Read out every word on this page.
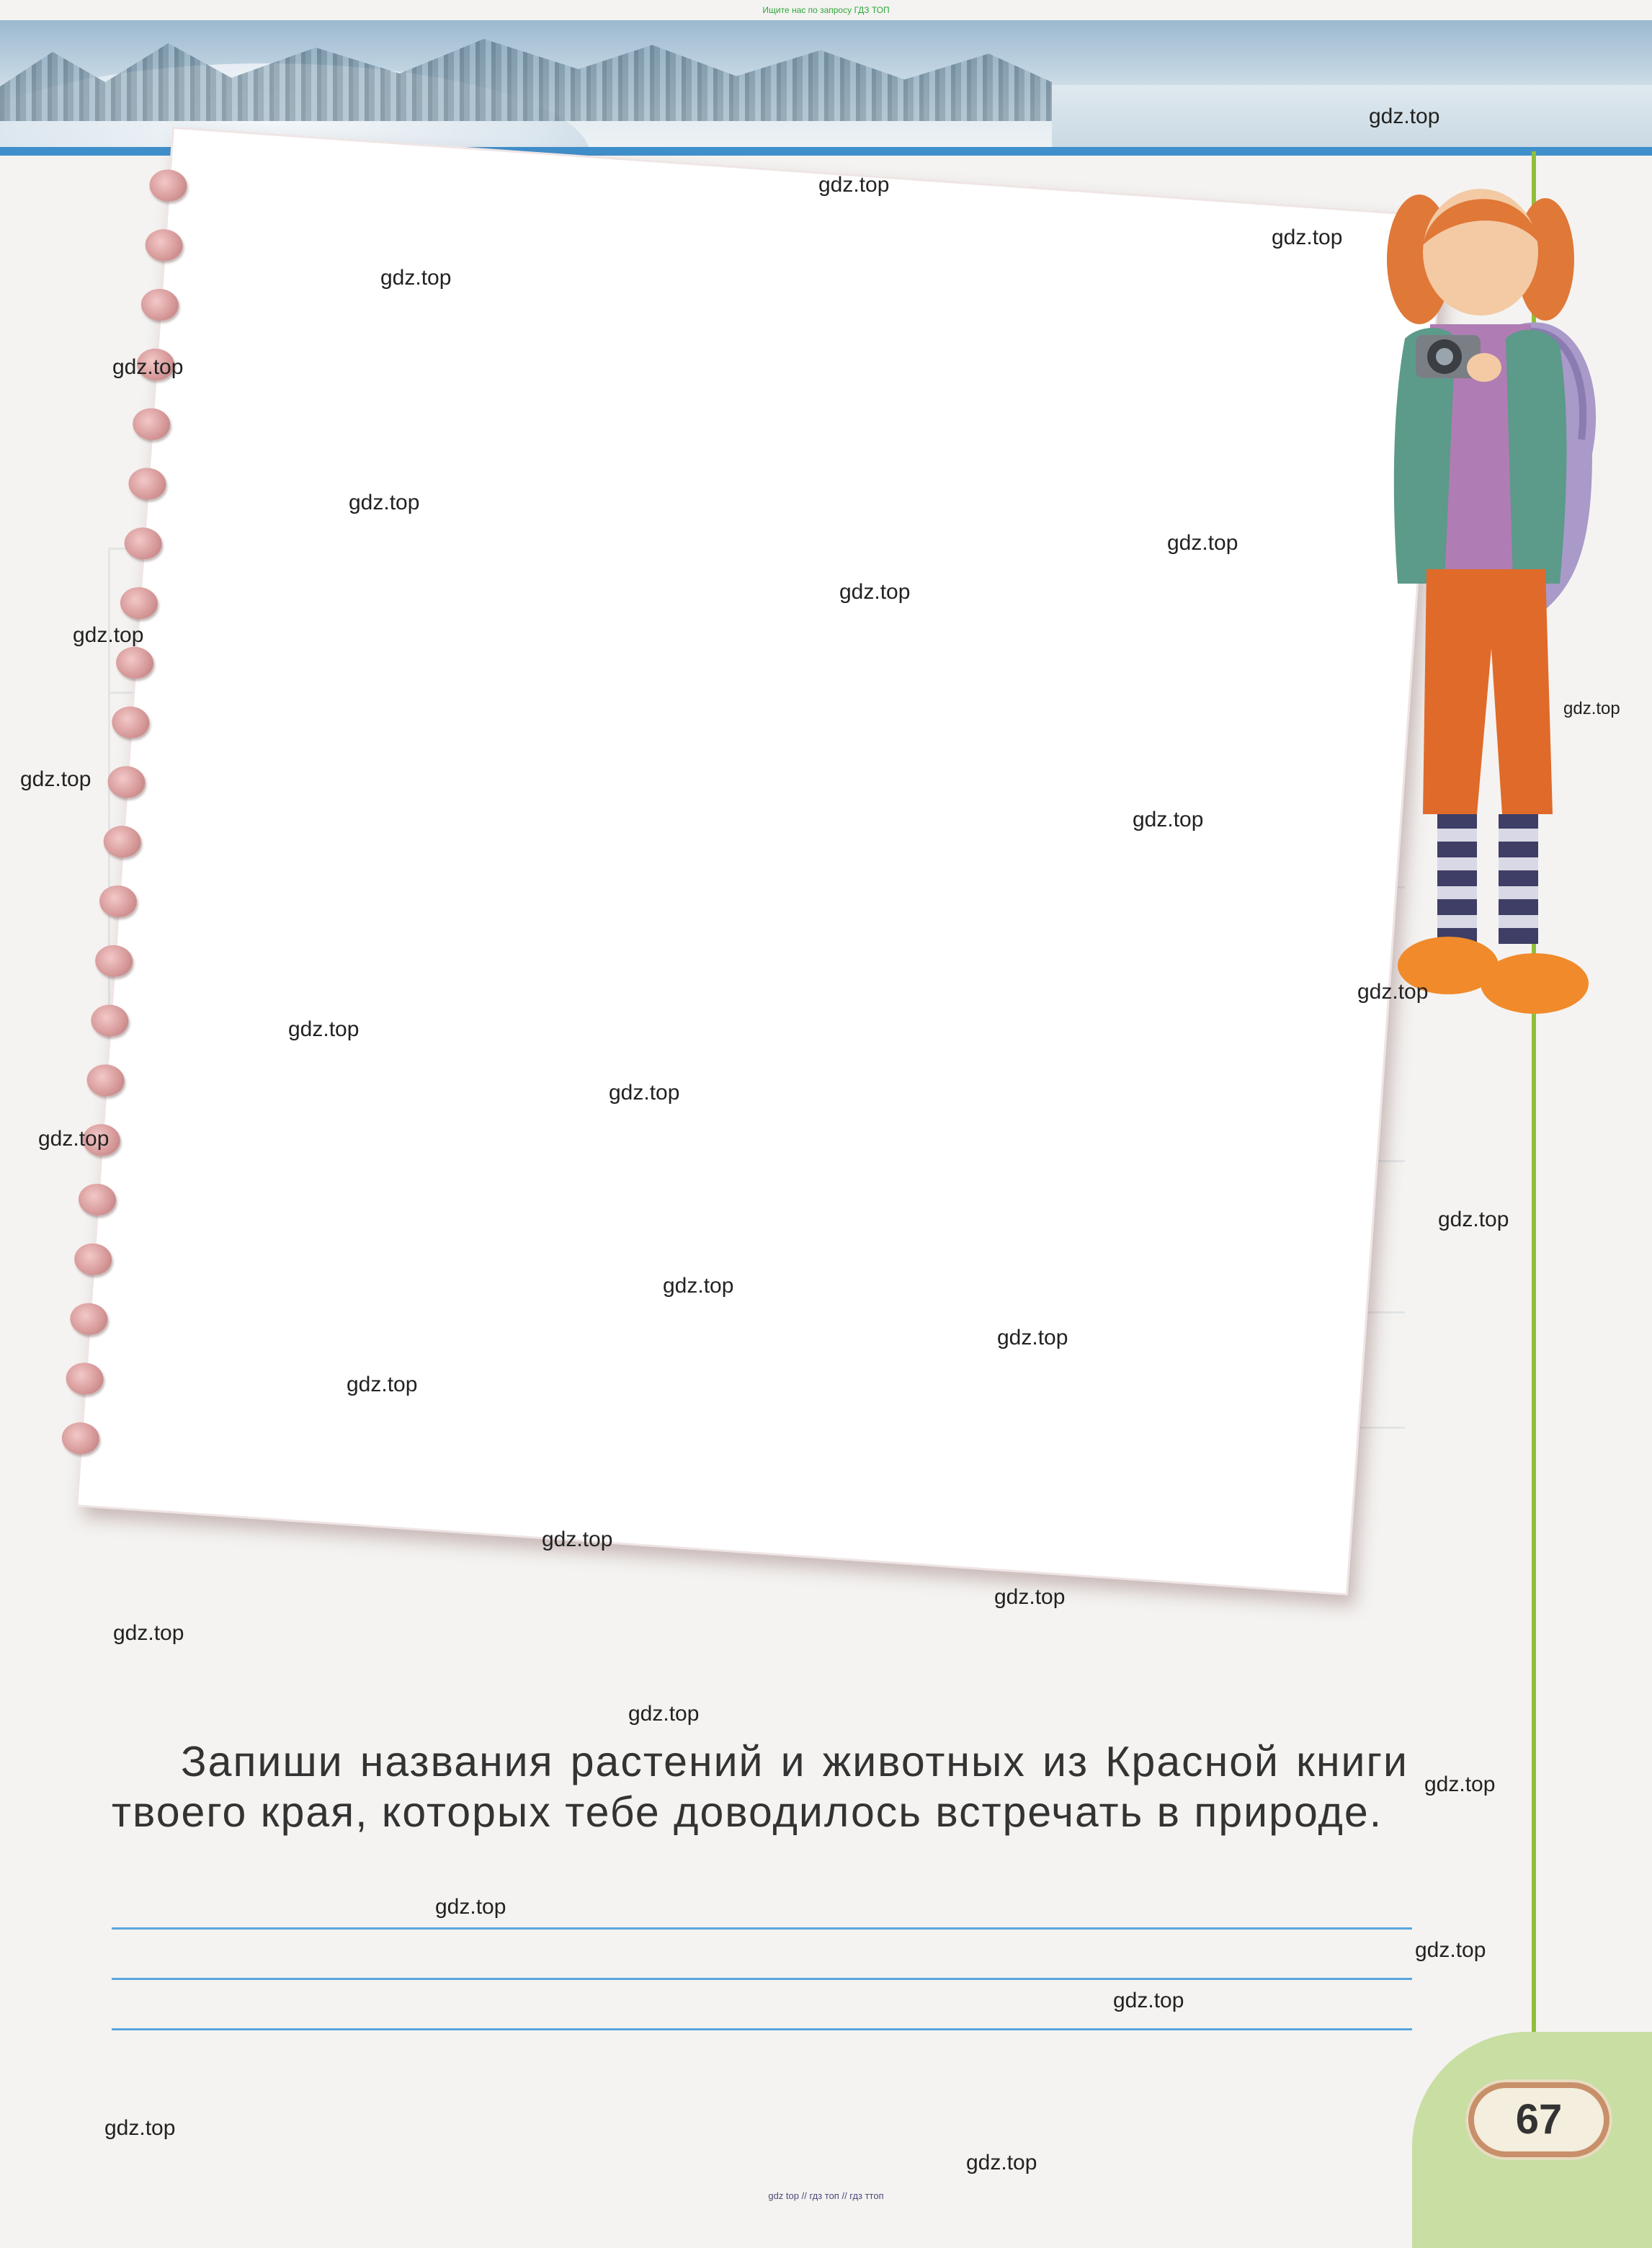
Ищите нас по запросу ГДЗ ТОП
Запиши названия растений и животных из Красной книги твоего края, которых тебе доводилось встречать в природе.
67
gdz.top
gdz.top
gdz.top
gdz.top
gdz.top
gdz.top
gdz.top
gdz.top
gdz.top
gdz.top
gdz.top
gdz.top
gdz.top
gdz.top
gdz.top
gdz.top
gdz.top
gdz.top
gdz.top
gdz.top
gdz.top
gdz.top
gdz.top
gdz.top
gdz.top
gdz.top
gdz.top
gdz.top
gdz.top
gdz.top
gdz top // гдз топ // гдз ттоп
